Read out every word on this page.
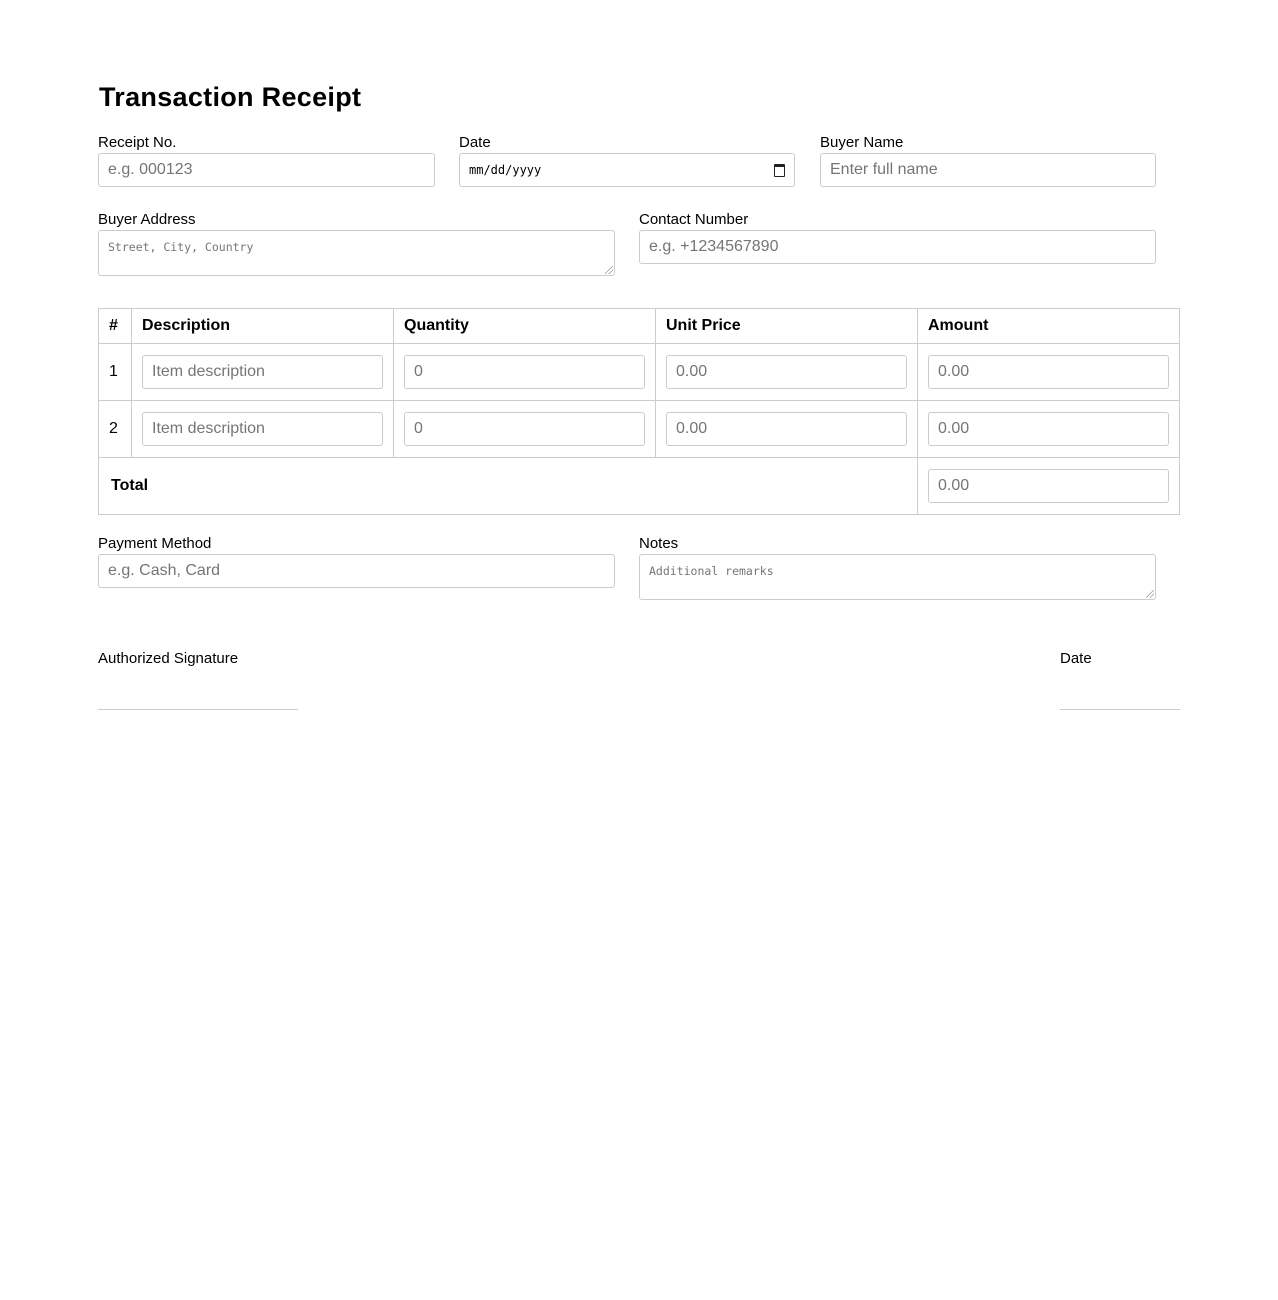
Transaction Receipt
Receipt No.
e.g. 000123
Date
mm/dd/yyyy
Buyer Name
Enter full name
Buyer Address
Street, City, Country
Contact Number
e.g. +1234567890
#	Description	Quantity	Unit Price	Amount
1	Item description	0	0.00	0.00

2	Item description	0	0.00	0.00

Total				0.00
Payment Method
e.g. Cash, Card
Notes
Additional remarks
Authorized Signature	Date
